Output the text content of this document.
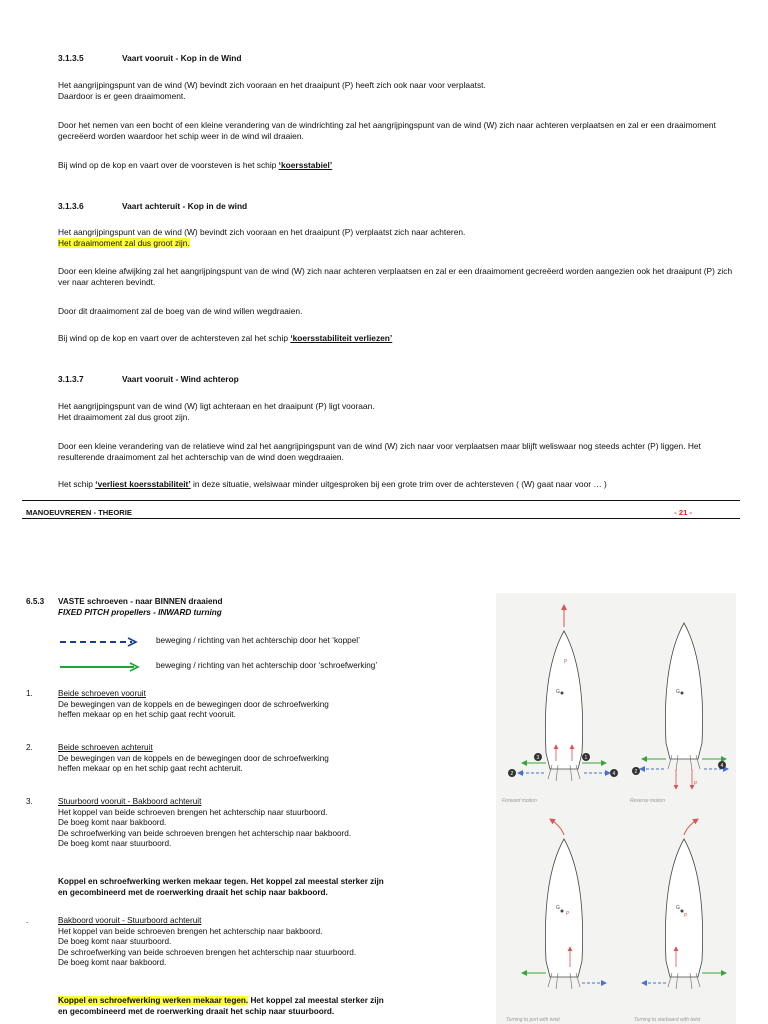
3.1.3.5	Vaart vooruit - Kop in de Wind
Het aangrijpingspunt van de wind (W) bevindt zich vooraan en het draaipunt (P) heeft zich ook naar voor verplaatst.
Daardoor is er geen draaimoment.
Door het nemen van een bocht of een kleine verandering van de windrichting zal het aangrijpingspunt van de wind (W) zich naar achteren verplaatsen en zal er een draaimoment gecreëerd worden waardoor het schip weer in de wind wil draaien.
Bij wind op de kop en vaart over de voorsteven is het schip ‘koersstabiel’
3.1.3.6	Vaart achteruit - Kop in de wind
Het aangrijpingspunt van de wind (W) bevindt zich vooraan en het draaipunt (P) verplaatst zich naar achteren.
Het draaimoment zal dus groot zijn.
Door een kleine afwijking zal het aangrijpingspunt van de wind (W) zich naar achteren verplaatsen en zal er een draaimoment gecreëerd worden aangezien ook het draaipunt (P) zich ver naar achteren bevindt.
Door dit draaimoment zal de boeg van de wind willen wegdraaien.
Bij wind op de kop en vaart over de achtersteven zal het schip ‘koersstabiliteit verliezen’
3.1.3.7	Vaart vooruit - Wind achterop
Het aangrijpingspunt van de wind (W) ligt achteraan en het draaipunt (P) ligt vooraan.
Het draaimoment zal dus groot zijn.
Door een kleine verandering van de relatieve wind zal het aangrijpingspunt van de wind (W) zich naar voor verplaatsen maar blijft weliswaar nog steeds achter (P) liggen. Het resulterende draaimoment zal het achterschip van de wind doen wegdraaien.
Het schip ‘verliest koersstabiliteit’ in deze situatie, welsiwaar minder uitgesproken bij een grote trim over de achtersteven ( (W) gaat naar voor … )
MANOEUVREREN - THEORIE	- 21 -
6.5.3 VASTE schroeven - naar BINNEN draaiend
FIXED PITCH propellers - INWARD turning
beweging / richting van het achterschip door het ‘koppel’
beweging / richting van het achterschip door ‘schroefwerking’
1.	Beide schroeven vooruit
De bewegingen van de koppels en de bewegingen door de schroefwerking
heffen mekaar op en het schip gaat recht vooruit.
2.	Beide schroeven achteruit
De bewegingen van de koppels en de bewegingen door de schroefwerking
heffen mekaar op en het schip gaat recht achteruit.
3.	Stuurboord vooruit - Bakboord achteruit
Het koppel van beide schroeven brengen het achterschip naar stuurboord.
De boeg komt naar bakboord.
De schroefwerking van beide schroeven brengen het achterschip naar bakboord.
De boeg komt naar stuurboord.
Koppel en schroefwerking werken mekaar tegen. Het koppel zal meestal sterker zijn
en gecombineerd met de roerwerking draait het schip naar bakboord.
.	Bakboord vooruit - Stuurboord achteruit
Het koppel van beide schroeven brengen het achterschip naar bakboord.
De boeg komt naar stuurboord.
De schroefwerking van beide schroeven brengen het achterschip naar stuurboord.
De boeg komt naar bakboord.
Koppel en schroefwerking werken mekaar tegen. Het koppel zal meestal sterker zijn
en gecombineerd met de roerwerking draait het schip naar stuurboord.
G
P
2	4
3	1
Forward motion
G
2
4
P
Reverse motion
G
P
Turning to port with twist
G
P
Turning to starboard with twist
